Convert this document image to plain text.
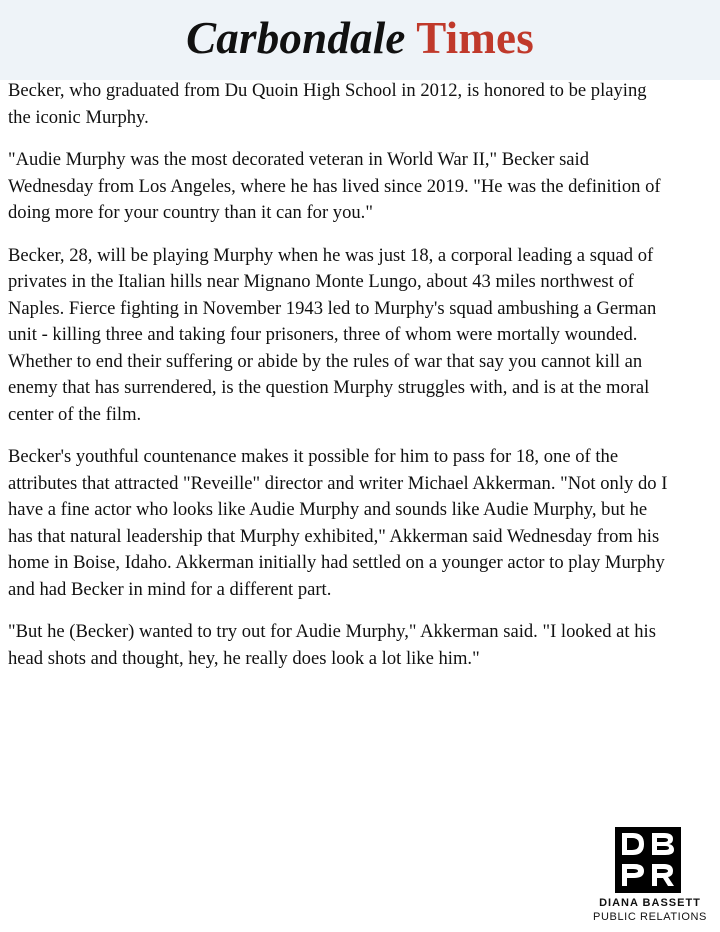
Carbondale Times

Becker, who graduated from Du Quoin High School in 2012, is honored to be playing the iconic Murphy.

"Audie Murphy was the most decorated veteran in World War II," Becker said Wednesday from Los Angeles, where he has lived since 2019. "He was the definition of doing more for your country than it can for you."

Becker, 28, will be playing Murphy when he was just 18, a corporal leading a squad of privates in the Italian hills near Mignano Monte Lungo, about 43 miles northwest of Naples. Fierce fighting in November 1943 led to Murphy's squad ambushing a German unit - killing three and taking four prisoners, three of whom were mortally wounded. Whether to end their suffering or abide by the rules of war that say you cannot kill an enemy that has surrendered, is the question Murphy struggles with, and is at the moral center of the film.

Becker's youthful countenance makes it possible for him to pass for 18, one of the attributes that attracted "Reveille" director and writer Michael Akkerman. "Not only do I have a fine actor who looks like Audie Murphy and sounds like Audie Murphy, but he has that natural leadership that Murphy exhibited," Akkerman said Wednesday from his home in Boise, Idaho. Akkerman initially had settled on a younger actor to play Murphy and had Becker in mind for a different part.

"But he (Becker) wanted to try out for Audie Murphy," Akkerman said. "I looked at his head shots and thought, hey, he really does look a lot like him."

DIANA BASSETT
PUBLIC RELATIONS
